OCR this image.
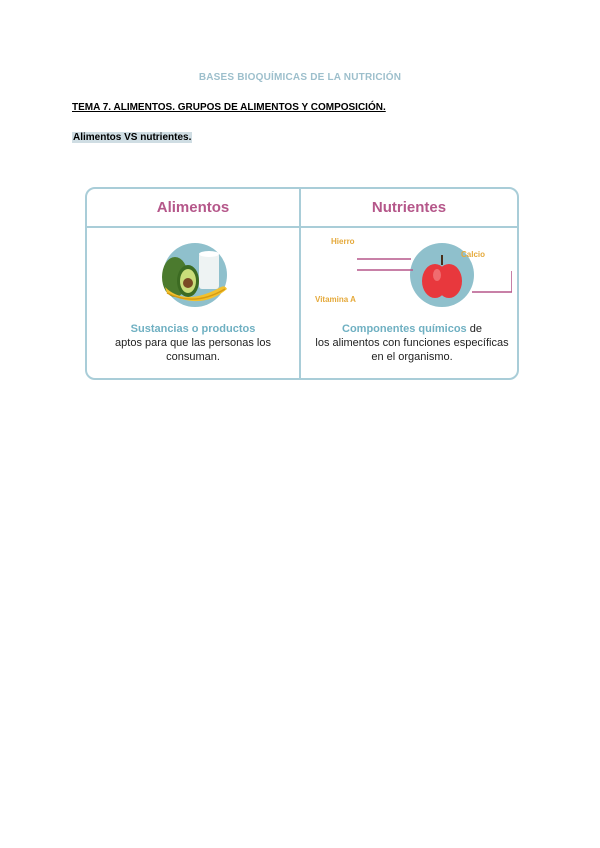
BASES BIOQUÍMICAS DE LA NUTRICIÓN
TEMA 7. ALIMENTOS. GRUPOS DE ALIMENTOS Y COMPOSICIÓN.
Alimentos VS nutrientes.
Alimentos	Nutrientes
Hierro
Calcio
Vitamina A
Sustancias o productos
aptos para que las personas los consuman.
Componentes químicos de
los alimentos con funciones específicas en el organismo.
